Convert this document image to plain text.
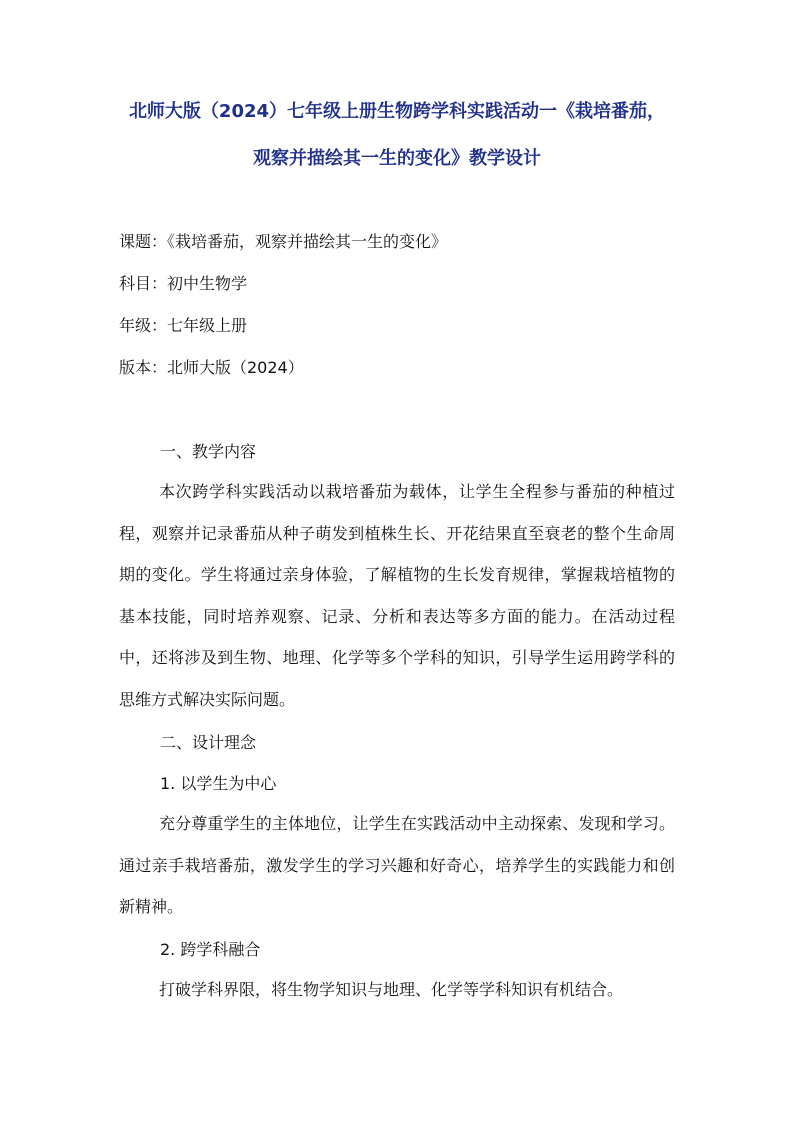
北师大版（2024）七年级上册生物跨学科实践活动一《栽培番茄，
观察并描绘其一生的变化》教学设计
课题：《栽培番茄，观察并描绘其一生的变化》
科目：初中生物学
年级：七年级上册
版本：北师大版（2024）
一、教学内容
本次跨学科实践活动以栽培番茄为载体，让学生全程参与番茄的种植过程，观察并记录番茄从种子萌发到植株生长、开花结果直至衰老的整个生命周期的变化。学生将通过亲身体验，了解植物的生长发育规律，掌握栽培植物的基本技能，同时培养观察、记录、分析和表达等多方面的能力。在活动过程中，还将涉及到生物、地理、化学等多个学科的知识，引导学生运用跨学科的思维方式解决实际问题。
二、设计理念
1. 以学生为中心
充分尊重学生的主体地位，让学生在实践活动中主动探索、发现和学习。通过亲手栽培番茄，激发学生的学习兴趣和好奇心，培养学生的实践能力和创新精神。
2. 跨学科融合
打破学科界限，将生物学知识与地理、化学等学科知识有机结合。
